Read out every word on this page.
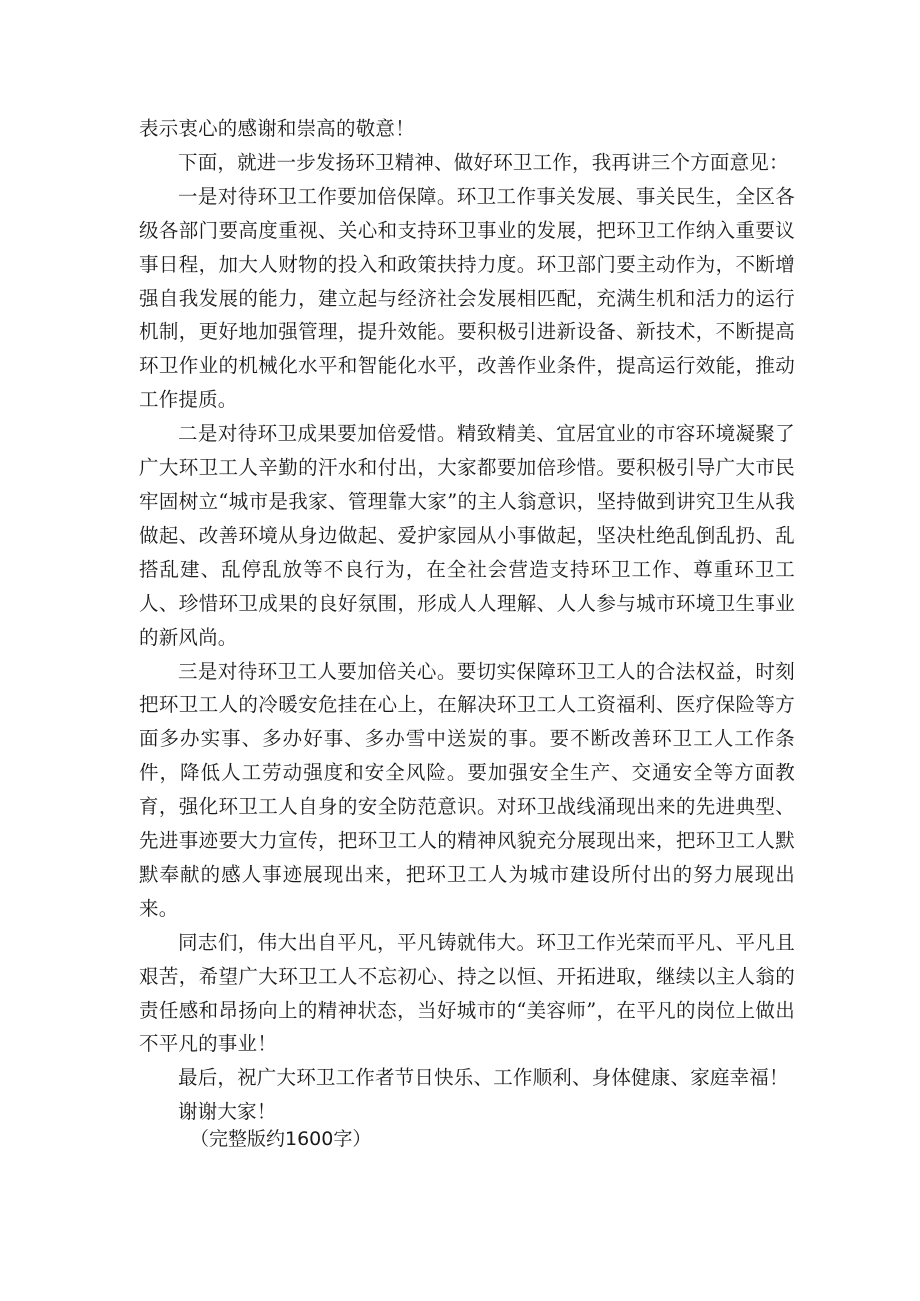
表示衷心的感谢和崇高的敬意！

下面，就进一步发扬环卫精神、做好环卫工作，我再讲三个方面意见：

一是对待环卫工作要加倍保障。环卫工作事关发展、事关民生，全区各级各部门要高度重视、关心和支持环卫事业的发展，把环卫工作纳入重要议事日程，加大人财物的投入和政策扶持力度。环卫部门要主动作为，不断增强自我发展的能力，建立起与经济社会发展相匹配，充满生机和活力的运行机制，更好地加强管理，提升效能。要积极引进新设备、新技术，不断提高环卫作业的机械化水平和智能化水平，改善作业条件，提高运行效能，推动工作提质。

二是对待环卫成果要加倍爱惜。精致精美、宜居宜业的市容环境凝聚了广大环卫工人辛勤的汗水和付出，大家都要加倍珍惜。要积极引导广大市民牢固树立“城市是我家、管理靠大家”的主人翁意识，坚持做到讲究卫生从我做起、改善环境从身边做起、爱护家园从小事做起，坚决杜绝乱倒乱扔、乱搭乱建、乱停乱放等不良行为，在全社会营造支持环卫工作、尊重环卫工人、珍惜环卫成果的良好氛围，形成人人理解、人人参与城市环境卫生事业的新风尚。

三是对待环卫工人要加倍关心。要切实保障环卫工人的合法权益，时刻把环卫工人的冷暖安危挂在心上，在解决环卫工人工资福利、医疗保险等方面多办实事、多办好事、多办雪中送炭的事。要不断改善环卫工人工作条件，降低人工劳动强度和安全风险。要加强安全生产、交通安全等方面教育，强化环卫工人自身的安全防范意识。对环卫战线涌现出来的先进典型、先进事迹要大力宣传，把环卫工人的精神风貌充分展现出来，把环卫工人默默奉献的感人事迹展现出来，把环卫工人为城市建设所付出的努力展现出来。

同志们，伟大出自平凡，平凡铸就伟大。环卫工作光荣而平凡、平凡且艰苦，希望广大环卫工人不忘初心、持之以恒、开拓进取，继续以主人翁的责任感和昂扬向上的精神状态，当好城市的“美容师”，在平凡的岗位上做出不平凡的事业！

最后，祝广大环卫工作者节日快乐、工作顺利、身体健康、家庭幸福！

谢谢大家！

（完整版约1600字）
